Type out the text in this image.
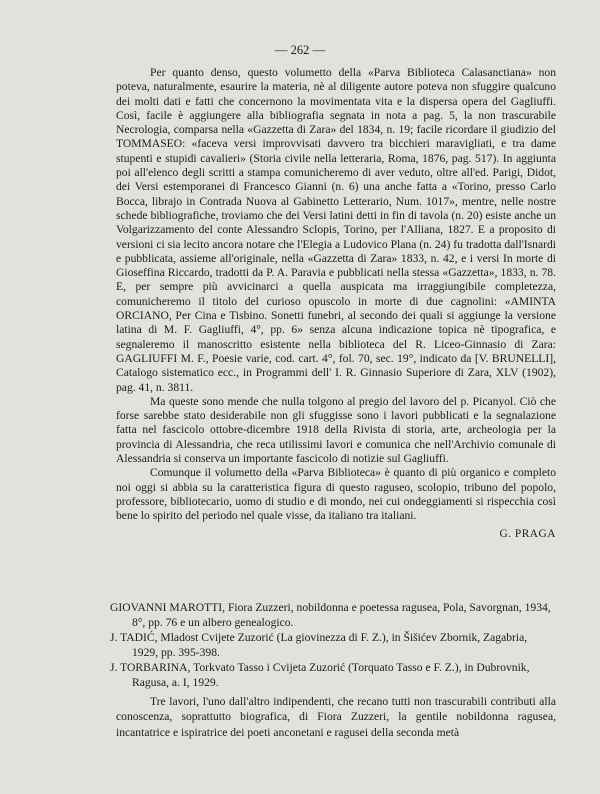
— 262 —

Per quanto denso, questo volumetto della «Parva Biblioteca Calasanctiana» non poteva, naturalmente, esaurire la materia, nè al diligente autore poteva non sfuggire qualcuno dei molti dati e fatti che concernono la movimentata vita e la dispersa opera del Gagliuffi. Così, facile è aggiungere alla bibliografia segnata in nota a pag. 5, la non trascurabile Necrologia, comparsa nella «Gazzetta di Zara» del 1834, n. 19; facile ricordare il giudizio del TOMMASEO: «faceva versi improvvisati davvero tra bicchieri maravigliati, e tra dame stupenti e stupidi cavalieri» (Storia civile nella letteraria, Roma, 1876, pag. 517). In aggiunta poi all'elenco degli scritti a stampa comunicheremo di aver veduto, oltre all'ed. Parigi, Didot, dei Versi estemporanei di Francesco Gianni (n. 6) una anche fatta a «Torino, presso Carlo Bocca, librajo in Contrada Nuova al Gabinetto Letterario, Num. 1017», mentre, nelle nostre schede bibliografiche, troviamo che dei Versi latini detti in fin di tavola (n. 20) esiste anche un Volgarizzamento del conte Alessandro Sclopis, Torino, per l'Alliana, 1827. E a proposito di versioni ci sia lecito ancora notare che l'Elegia a Ludovico Plana (n. 24) fu tradotta dall'Isnardi e pubblicata, assieme all'originale, nella «Gazzetta di Zara» 1833, n. 42, e i versi In morte di Gioseffina Riccardo, tradotti da P. A. Paravia e pubblicati nella stessa «Gazzetta», 1833, n. 78. E, per sempre più avvicinarci a quella auspicata ma irraggiungibile completezza, comunicheremo il titolo del curioso opuscolo in morte di due cagnolini: «AMINTA ORCIANO, Per Cina e Tisbino. Sonetti funebri, al secondo dei quali si aggiunge la versione latina di M. F. Gagliuffi, 4°, pp. 6» senza alcuna indicazione topica nè tipografica, e segnaleremo il manoscritto esistente nella biblioteca del R. Liceo-Ginnasio di Zara: GAGLIUFFI M. F., Poesie varie, cod. cart. 4°, fol. 70, sec. 19°, indicato da [V. BRUNELLI], Catalogo sistematico ecc., in Programmi dell' I. R. Ginnasio Superiore di Zara, XLV (1902), pag. 41, n. 3811.

Ma queste sono mende che nulla tolgono al pregio del lavoro del p. Picanyol. Ciò che forse sarebbe stato desiderabile non gli sfuggisse sono i lavori pubblicati e la segnalazione fatta nel fascicolo ottobre-dicembre 1918 della Rivista di storia, arte, archeologia per la provincia di Alessandria, che reca utilissimi lavori e comunica che nell'Archivio comunale di Alessandria si conserva un importante fascicolo di notizie sul Gagliuffi.

Comunque il volumetto della «Parva Biblioteca» è quanto di più organico e completo noi oggi si abbia su la caratteristica figura di questo raguseo, scolopio, tribuno del popolo, professore, bibliotecario, uomo di studio e di mondo, nei cui ondeggiamenti si rispecchia così bene lo spirito del periodo nel quale visse, da italiano tra italiani.

G. PRAGA
GIOVANNI MAROTTI, Fiora Zuzzeri, nobildonna e poetessa ragusea, Pola, Savorgnan, 1934, 8°, pp. 76 e un albero genealogico.
J. TADIĆ, Mladost Cvijete Zuzorić (La giovinezza di F. Z.), in Šišićev Zbornik, Zagabria, 1929, pp. 395-398.
J. TORBARINA, Torkvato Tasso i Cvijeta Zuzorić (Torquato Tasso e F. Z.), in Dubrovnik, Ragusa, a. I, 1929.

Tre lavori, l'uno dall'altro indipendenti, che recano tutti non trascurabili contributi alla conoscenza, soprattutto biografica, di Fiora Zuzzeri, la gentile nobildonna ragusea, incantatrice e ispiratrice dei poeti anconetani e ragusei della seconda metà
